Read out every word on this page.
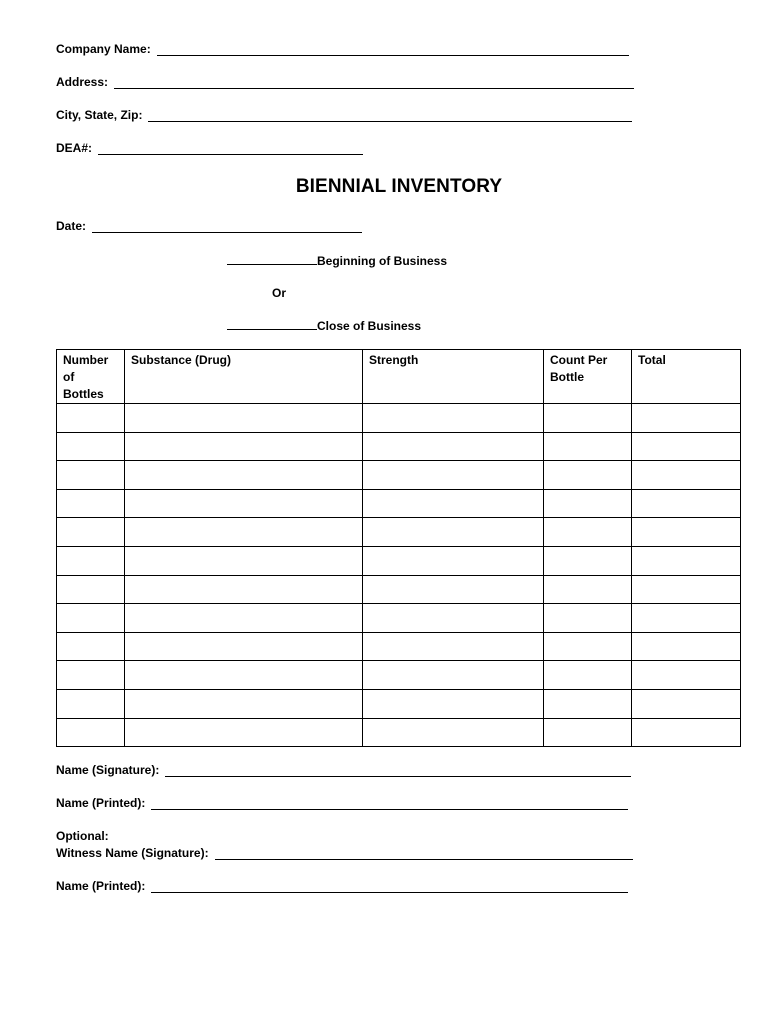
Company Name:
Address:
City, State, Zip:
DEA#:
BIENNIAL INVENTORY
Date:
Beginning of Business
Or
Close of Business
Number of Bottles	Substance (Drug)	Strength	Count Per Bottle	Total

Name (Signature):
Name (Printed):
Optional:
Witness Name (Signature):
Name (Printed):
